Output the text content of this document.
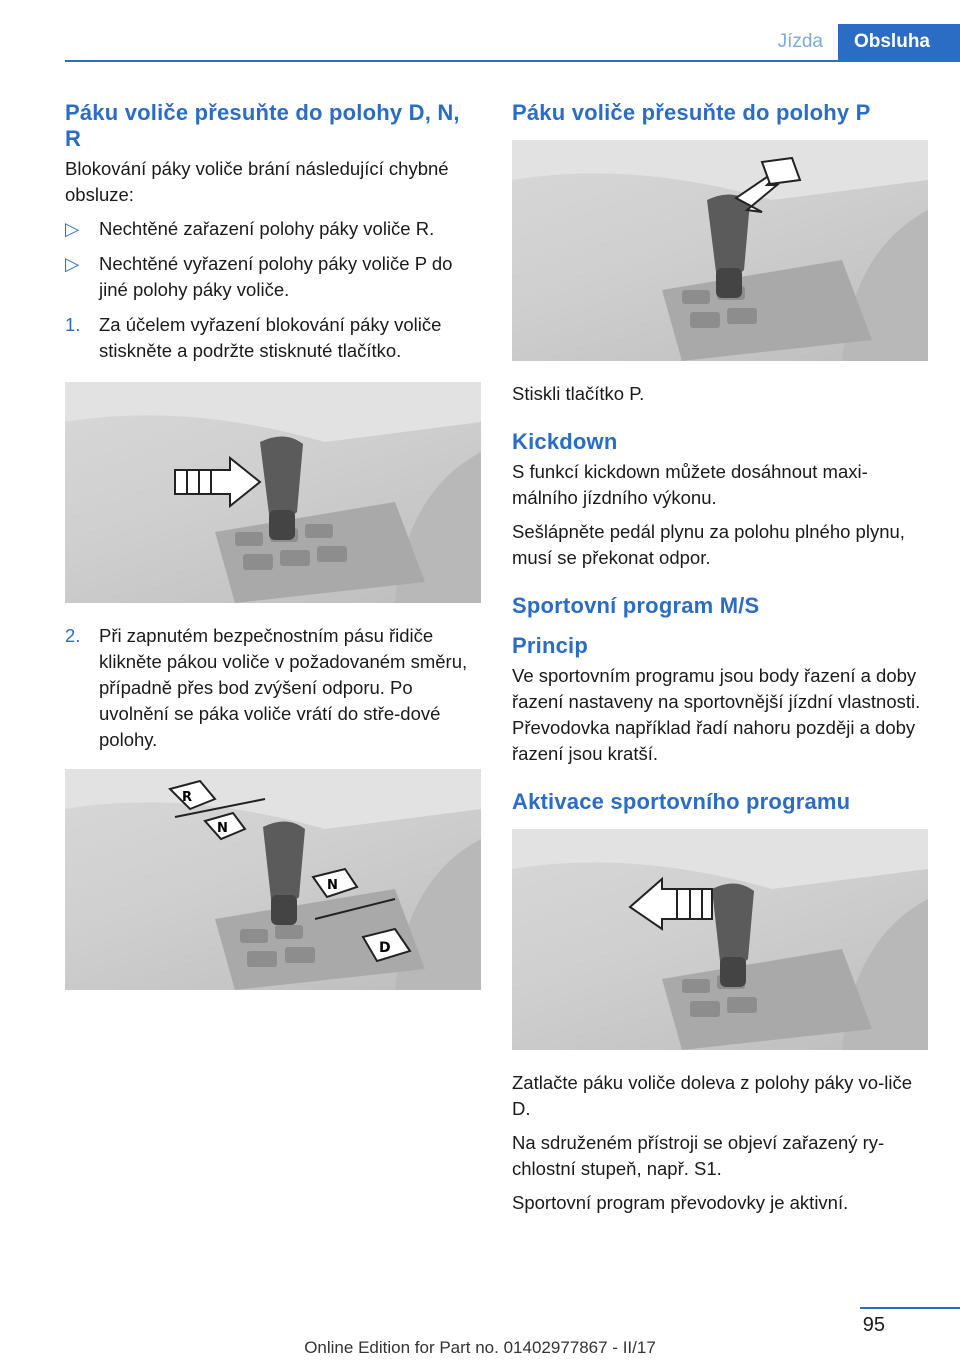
Jízda	Obsluha
Páku voliče přesuňte do polohy D, N, R

Blokování páky voliče brání následující chybné obsluze:

▷ Nechtěné zařazení polohy páky voliče R.
▷ Nechtěné vyřazení polohy páky voliče P do jiné polohy páky voliče.
1. Za účelem vyřazení blokování páky voliče stiskněte a podržte stisknuté tlačítko.
2. Při zapnutém bezpečnostním pásu řidiče klikněte pákou voliče v požadovaném směru, případně přes bod zvýšení odporu. Po uvolnění se páka voliče vrátí do stře-dové polohy.
R
N
N
D
Páku voliče přesuňte do polohy P

Stiskli tlačítko P.

Kickdown

S funkcí kickdown můžete dosáhnout maxi-málního jízdního výkonu.

Sešlápněte pedál plynu za polohu plného plynu, musí se překonat odpor.

Sportovní program M/S
Princip

Ve sportovním programu jsou body řazení a doby řazení nastaveny na sportovnější jízdní vlastnosti. Převodovka například řadí nahoru později a doby řazení jsou kratší.

Aktivace sportovního programu

Zatlačte páku voliče doleva z polohy páky vo-liče D.

Na sdruženém přístroji se objeví zařazený ry-chlostní stupeň, např. S1.

Sportovní program převodovky je aktivní.

95
Online Edition for Part no. 01402977867 - II/17
